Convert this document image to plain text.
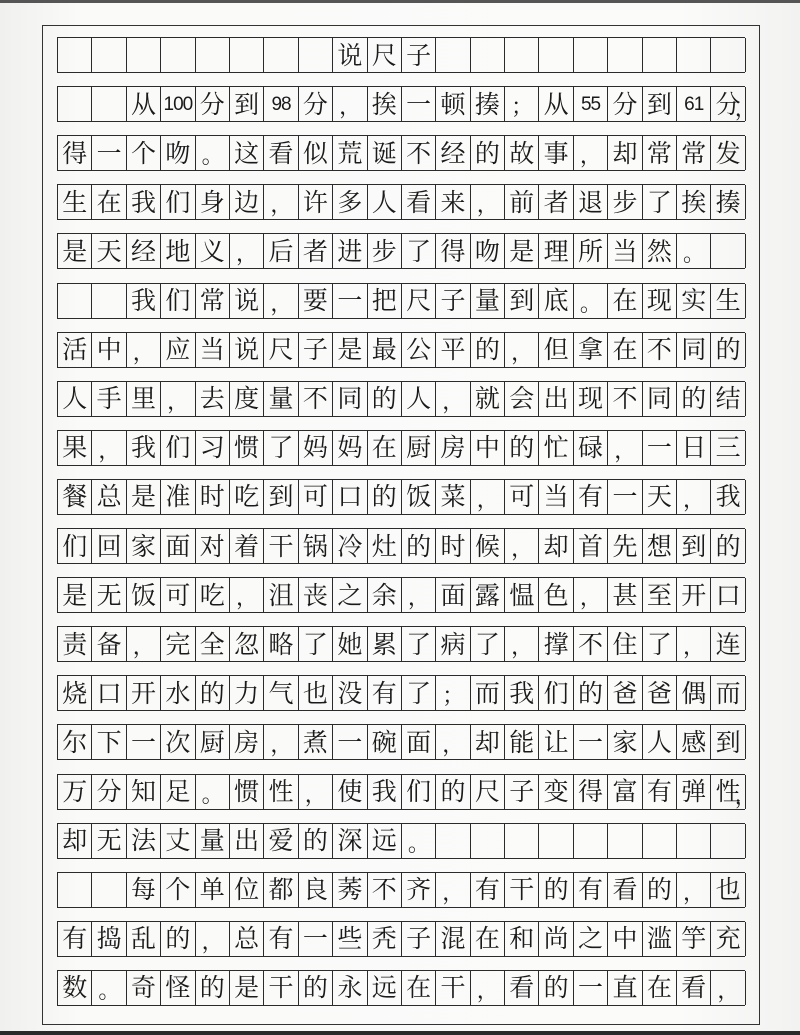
说 尺 子
从 100 分 到 98 分 ， 挨 一 顿 揍 ； 从 55 分 到 61 分
，
得 一 个 吻 。 这 看 似 荒 诞 不 经 的 故 事 ， 却 常 常 发
生 在 我 们 身 边 ， 许 多 人 看 来 ， 前 者 退 步 了 挨 揍
是 天 经 地 义 ， 后 者 进 步 了 得 吻 是 理 所 当 然 。
我 们 常 说 ， 要 一 把 尺 子 量 到 底 。 在 现 实 生
活 中 ， 应 当 说 尺 子 是 最 公 平 的 ， 但 拿 在 不 同 的
人 手 里 ， 去 度 量 不 同 的 人 ， 就 会 出 现 不 同 的 结
果 ， 我 们 习 惯 了 妈 妈 在 厨 房 中 的 忙 碌 ， 一 日 三
餐 总 是 准 时 吃 到 可 口 的 饭 菜 ， 可 当 有 一 天 ， 我
们 回 家 面 对 着 干 锅 冷 灶 的 时 候 ， 却 首 先 想 到 的
是 无 饭 可 吃 ， 沮 丧 之 余 ， 面 露 愠 色 ， 甚 至 开 口
责 备 ， 完 全 忽 略 了 她 累 了 病 了 ， 撑 不 住 了 ， 连
烧 口 开 水 的 力 气 也 没 有 了 ； 而 我 们 的 爸 爸 偶 而
尔 下 一 次 厨 房 ， 煮 一 碗 面 ， 却 能 让 一 家 人 感 到
万 分 知 足 。 惯 性 ， 使 我 们 的 尺 子 变 得 富 有 弹 性
，
却 无 法 丈 量 出 爱 的 深 远 。
每 个 单 位 都 良 莠 不 齐 ， 有 干 的 有 看 的 ， 也
有 捣 乱 的 ， 总 有 一 些 秃 子 混 在 和 尚 之 中 滥 竽 充
数 。 奇 怪 的 是 干 的 永 远 在 干 ， 看 的 一 直 在 看 ，
